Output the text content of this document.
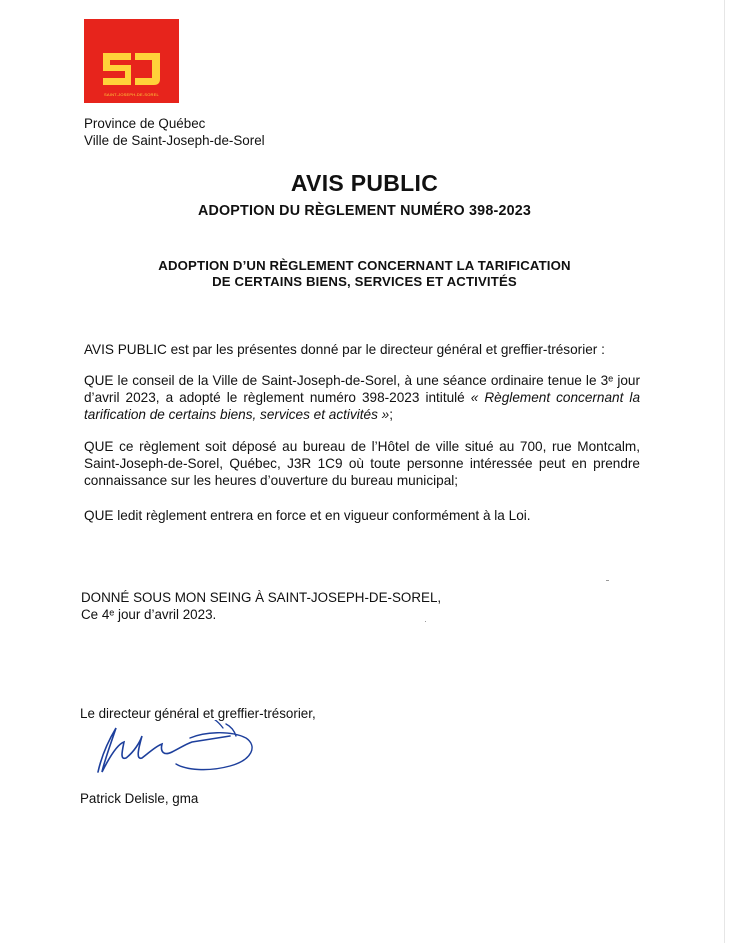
SAINT-JOSEPH-DE-SOREL
Province de Québec
Ville de Saint-Joseph-de-Sorel
AVIS PUBLIC
ADOPTION DU RÈGLEMENT NUMÉRO 398-2023
ADOPTION D’UN RÈGLEMENT CONCERNANT LA TARIFICATION
DE CERTAINS BIENS, SERVICES ET ACTIVITÉS
AVIS PUBLIC est par les présentes donné par le directeur général et greffier-trésorier :
QUE le conseil de la Ville de Saint-Joseph-de-Sorel, à une séance ordinaire tenue le 3ᵉ jour d’avril 2023, a adopté le règlement numéro 398-2023 intitulé « Règlement concernant la tarification de certains biens, services et activités »;
QUE ce règlement soit déposé au bureau de l’Hôtel de ville situé au 700, rue Montcalm, Saint-Joseph-de-Sorel, Québec, J3R 1C9 où toute personne intéressée peut en prendre connaissance sur les heures d’ouverture du bureau municipal;
QUE ledit règlement entrera en force et en vigueur conformément à la Loi.
DONNÉ SOUS MON SEING À SAINT-JOSEPH-DE-SOREL,
Ce 4ᵉ jour d’avril 2023.
Le directeur général et greffier-trésorier,
Patrick Delisle, gma
